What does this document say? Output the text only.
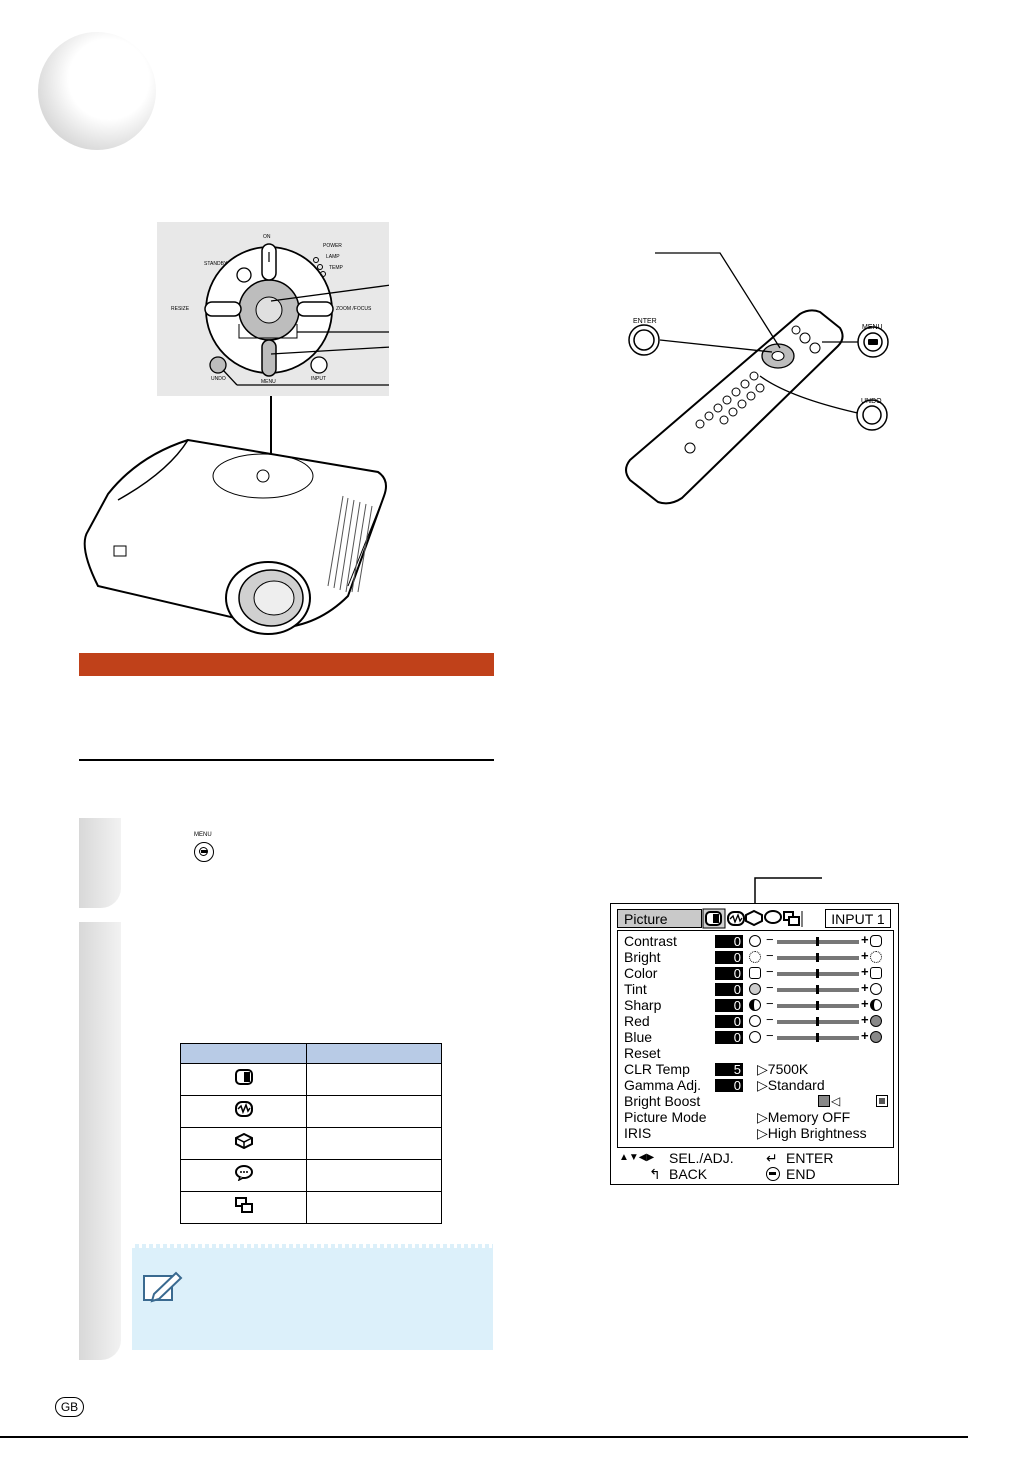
ON
STANDBY
POWER
LAMP
TEMP
RESIZE	ZOOM /FOCUS
MENU	INPUT
UNDO
ENTER
MENU
UNDO
MENU

Picture	INPUT 1
Contrast	0 −	+
Bright	0 −	+
Color	0 −	+
Tint	0 −	+
Sharp	0 −	+
Red	0 −	+
Blue	0 −	+
Reset
CLR Temp	5 ▷7500K
Gamma Adj.	0 ▷Standard
Bright Boost	◁
Picture Mode	▷Memory OFF
IRIS	▷High Brightness
▲▼◀▶ SEL./ADJ. ↵ ENTER
↰ BACK	END
GB
